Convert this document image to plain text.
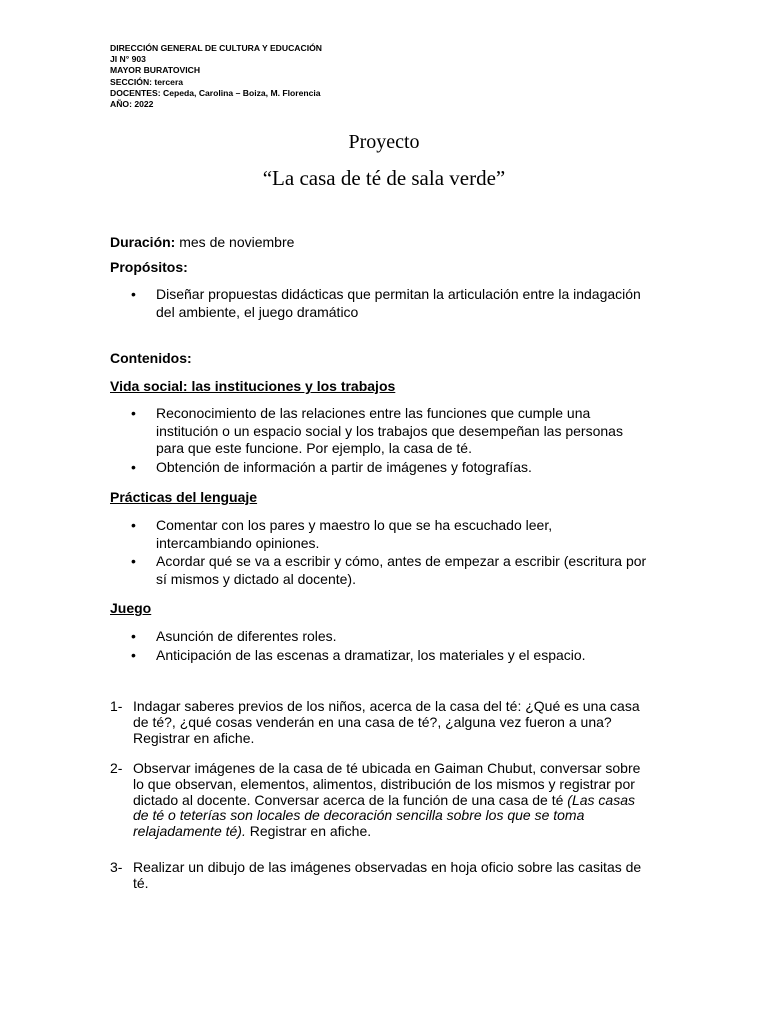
DIRECCIÓN GENERAL DE CULTURA Y EDUCACIÓN
JI N° 903
MAYOR BURATOVICH
SECCIÓN: tercera
DOCENTES: Cepeda, Carolina – Boiza, M. Florencia
AÑO: 2022
Proyecto
“La casa de té de sala verde”
Duración: mes de noviembre
Propósitos:
• Diseñar propuestas didácticas que permitan la articulación entre la indagación
del ambiente, el juego dramático
Contenidos:
Vida social: las instituciones y los trabajos
• Reconocimiento de las relaciones entre las funciones que cumple una
institución o un espacio social y los trabajos que desempeñan las personas
para que este funcione. Por ejemplo, la casa de té.
• Obtención de información a partir de imágenes y fotografías.
Prácticas del lenguaje
• Comentar con los pares y maestro lo que se ha escuchado leer,
intercambiando opiniones.
• Acordar qué se va a escribir y cómo, antes de empezar a escribir (escritura por
sí mismos y dictado al docente).
Juego
• Asunción de diferentes roles.
• Anticipación de las escenas a dramatizar, los materiales y el espacio.
1- Indagar saberes previos de los niños, acerca de la casa del té: ¿Qué es una casa
de té?, ¿qué cosas venderán en una casa de té?, ¿alguna vez fueron a una?
Registrar en afiche.
2- Observar imágenes de la casa de té ubicada en Gaiman Chubut, conversar sobre
lo que observan, elementos, alimentos, distribución de los mismos y registrar por
dictado al docente. Conversar acerca de la función de una casa de té (Las casas
de té o teterías son locales de decoración sencilla sobre los que se toma
relajadamente té). Registrar en afiche.
3- Realizar un dibujo de las imágenes observadas en hoja oficio sobre las casitas de
té.
